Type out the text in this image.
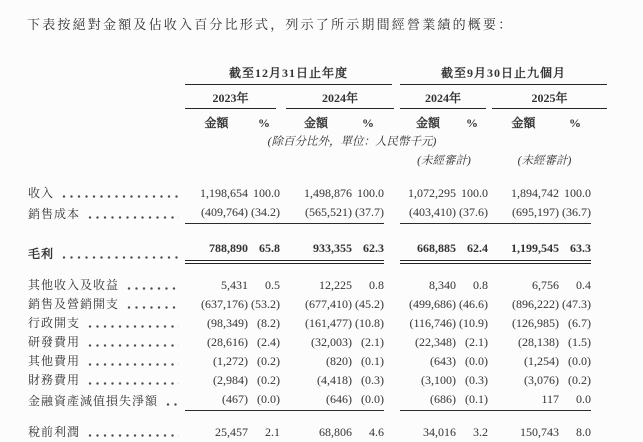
下表按絕對金額及佔收入百分比形式，列示了所示期間經營業績的概要：

截至12月31日止年度	截至9月30日止九個月
2023年	2024年	2024年	2025年
金額	%	金額	%	金額	%	金額	%
(除百分比外，單位：人民幣千元)
(未經審計)	(未經審計)
收入	1,198,654 100.0	1,498,876 100.0	1,072,295 100.0	1,894,742 100.0
銷售成本	(409,764) (34.2)	(565,521) (37.7)	(403,410) (37.6)	(695,197) (36.7)
毛利	788,890 65.8	933,355 62.3	668,885 62.4	1,199,545 63.3
其他收入及收益	5,431	0.5	12,225	0.8	8,340	0.8	6,756	0.4
銷售及營銷開支	(637,176) (53.2)	(677,410) (45.2)	(499,686) (46.6)	(896,222) (47.3)
行政開支	(98,349) (8.2)	(161,477) (10.8)	(116,746) (10.9)	(126,985) (6.7)
研發費用	(28,616) (2.4)	(32,003) (2.1)	(22,348) (2.1)	(28,138) (1.5)
其他費用	(1,272) (0.2)	(820) (0.1)	(643) (0.0)	(1,254) (0.0)
財務費用	(2,984) (0.2)	(4,418) (0.3)	(3,100) (0.3)	(3,076) (0.2)
金融資產減值損失淨額	(467) (0.0)	(646) (0.0)	(686) (0.1)	117	0.0
稅前利潤	25,457	2.1	68,806	4.6	34,016	3.2	150,743	8.0
